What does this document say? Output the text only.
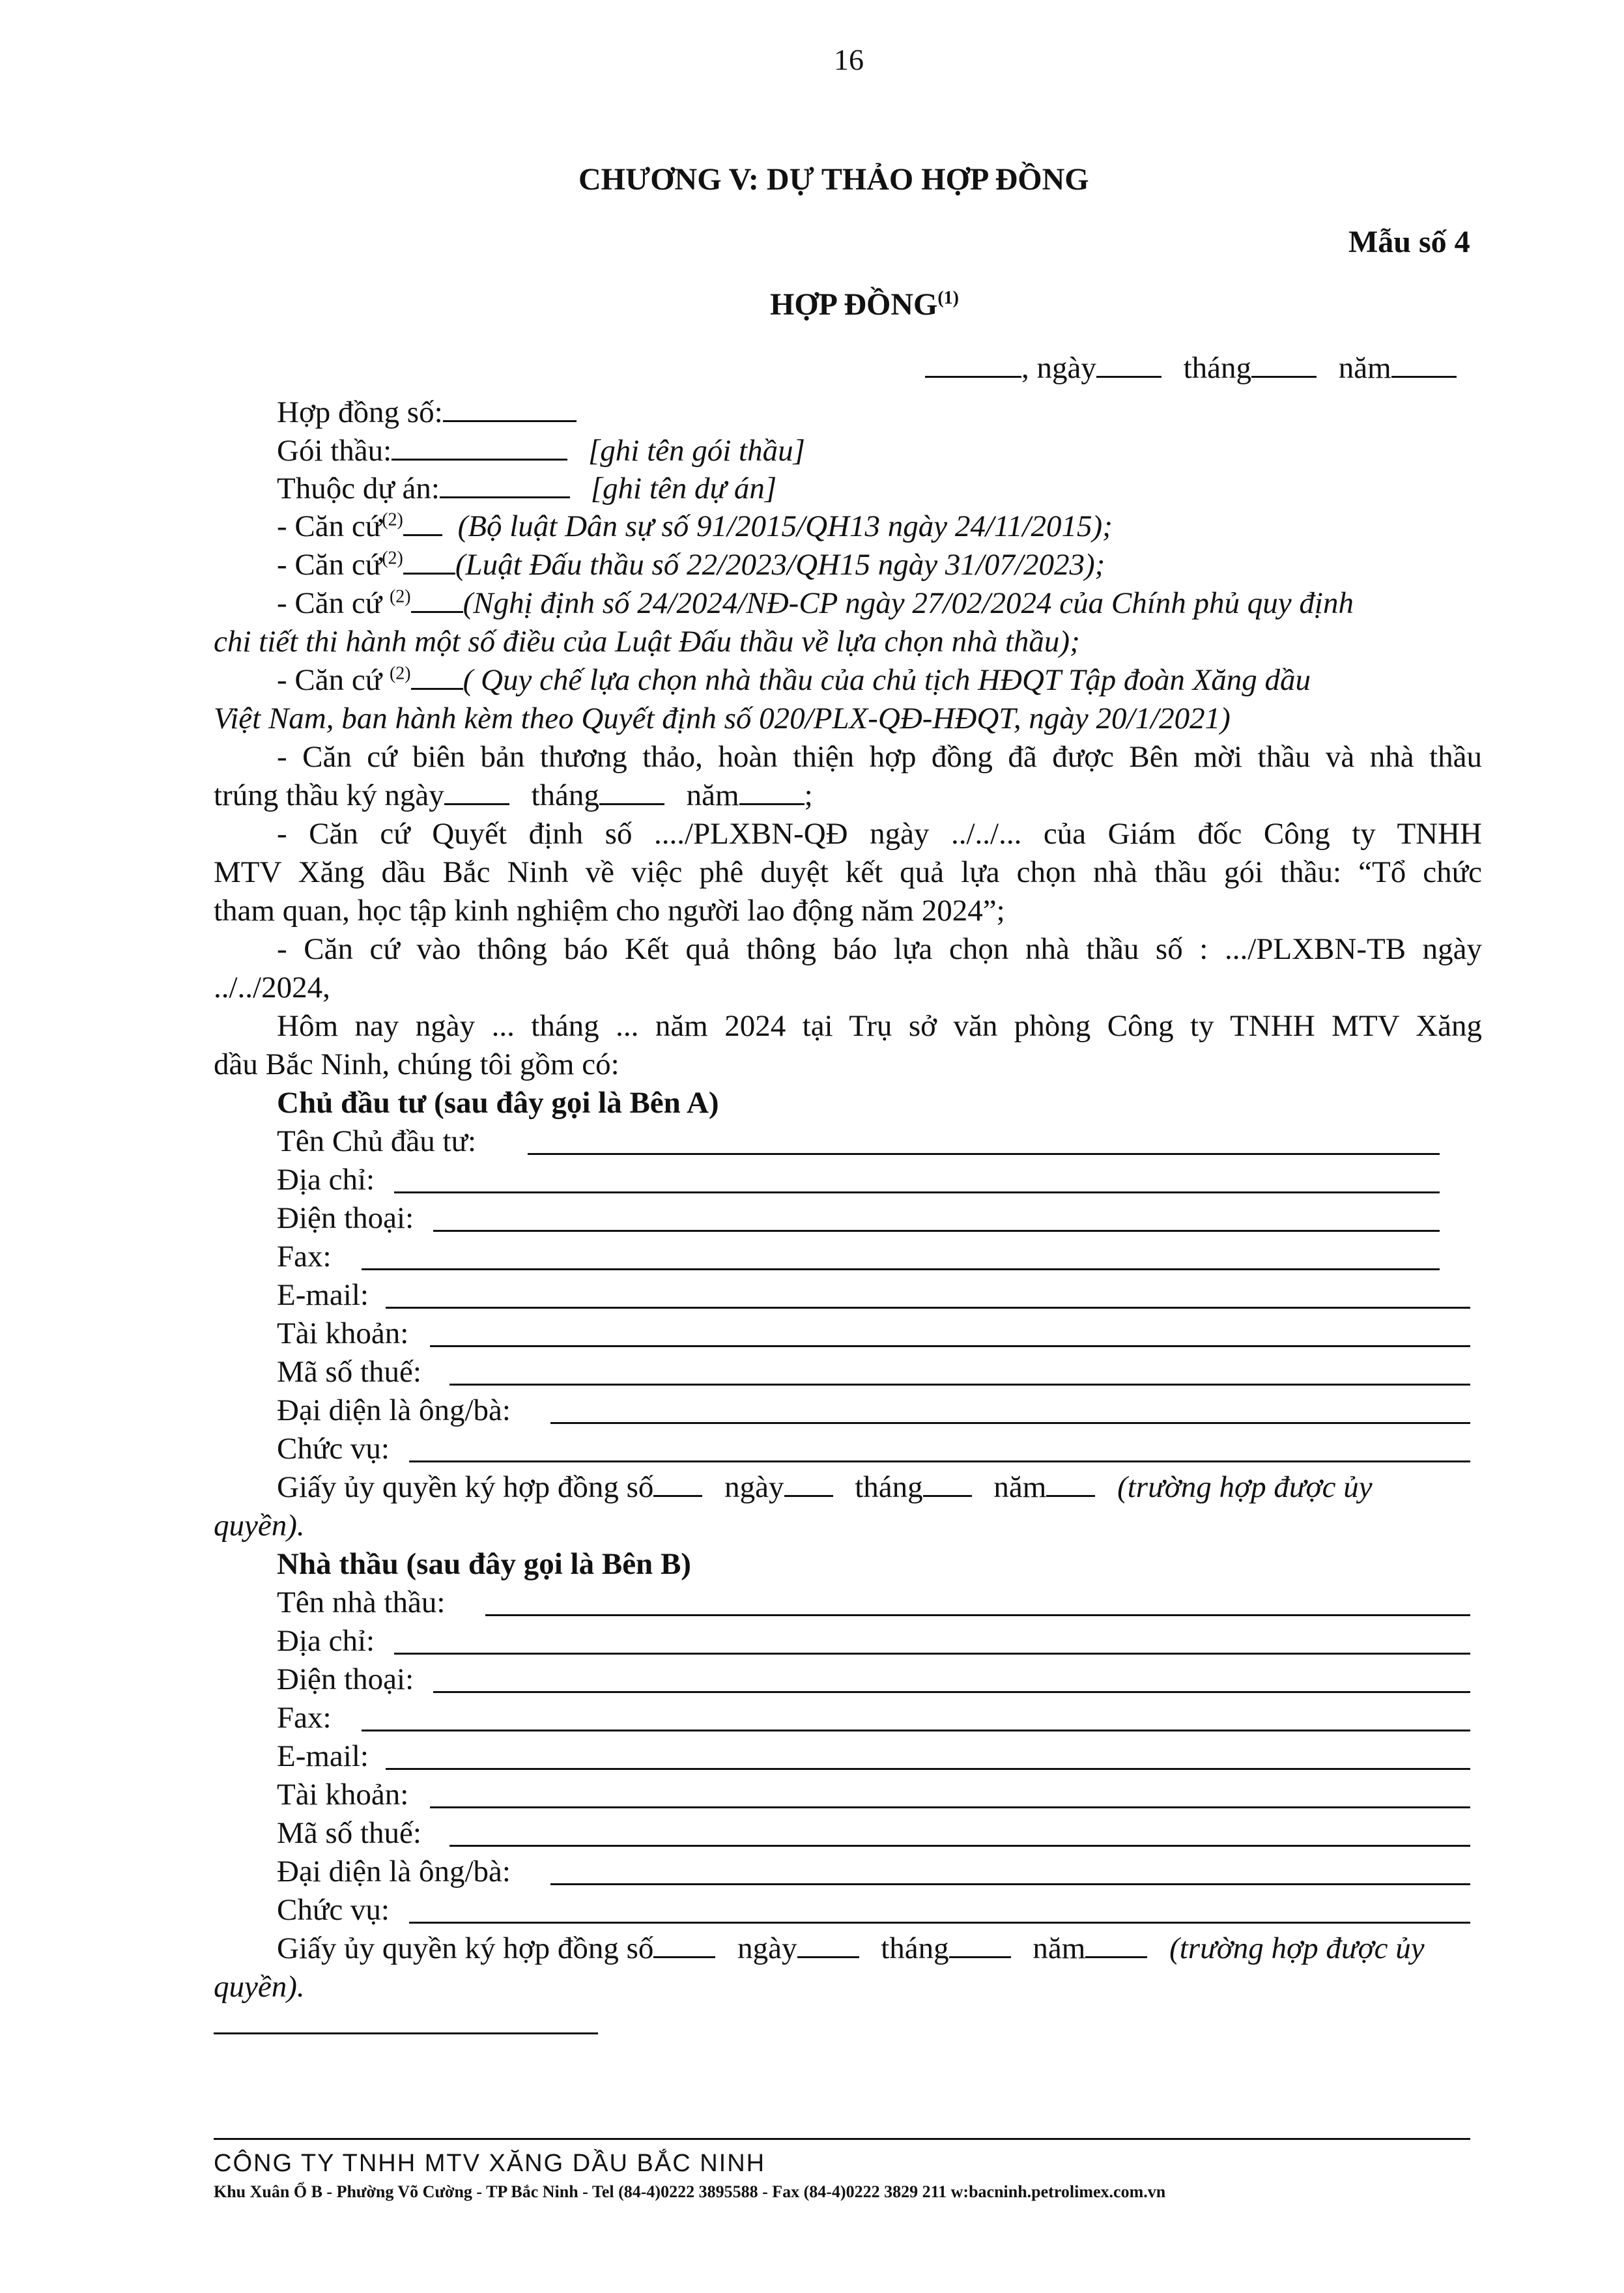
16
CHƯƠNG V: DỰ THẢO HỢP ĐỒNG
Mẫu số 4
HỢP ĐỒNG$^{(1)}$
, ngày	tháng	năm
Hợp đồng số:
Gói thầu:	[ghi tên gói thầu]
Thuộc dự án:	[ghi tên dự án]
- Căn cứ$^{(2)}$ (Bộ luật Dân sự số 91/2015/QH13 ngày 24/11/2015);
- Căn cứ$^{(2)}$ (Luật Đấu thầu số 22/2023/QH15 ngày 31/07/2023);
- Căn cứ $^{(2)}$ (Nghị định số 24/2024/NĐ-CP ngày 27/02/2024 của Chính phủ quy định
chi tiết thi hành một số điều của Luật Đấu thầu về lựa chọn nhà thầu);
- Căn cứ $^{(2)}$ ( Quy chế lựa chọn nhà thầu của chủ tịch HĐQT Tập đoàn Xăng dầu
Việt Nam, ban hành kèm theo Quyết định số 020/PLX-QĐ-HĐQT, ngày 20/1/2021)
- Căn cứ biên bản thương thảo, hoàn thiện hợp đồng đã được Bên mời thầu và nhà thầu
trúng thầu ký ngày	tháng	năm ;
- Căn cứ Quyết định số ..../PLXBN-QĐ ngày ../../... của Giám đốc Công ty TNHH
MTV Xăng dầu Bắc Ninh về việc phê duyệt kết quả lựa chọn nhà thầu gói thầu: “Tổ chức
tham quan, học tập kinh nghiệm cho người lao động năm 2024”;
- Căn cứ vào thông báo Kết quả thông báo lựa chọn nhà thầu số : .../PLXBN-TB ngày
../../2024,
Hôm nay ngày ... tháng ... năm 2024 tại Trụ sở văn phòng Công ty TNHH MTV Xăng
dầu Bắc Ninh, chúng tôi gồm có:
Chủ đầu tư (sau đây gọi là Bên A)
Tên Chủ đầu tư:
Địa chỉ:
Điện thoại:
Fax:
E-mail:
Tài khoản:
Mã số thuế:
Đại diện là ông/bà:
Chức vụ:
Giấy ủy quyền ký hợp đồng số ngày tháng năm (trường hợp được ủy
quyền).
Nhà thầu (sau đây gọi là Bên B)
Tên nhà thầu:
Địa chỉ:
Điện thoại:
Fax:
E-mail:
Tài khoản:
Mã số thuế:
Đại diện là ông/bà:
Chức vụ:
Giấy ủy quyền ký hợp đồng số	ngày	tháng	năm	(trường hợp được ủy
quyền).
CÔNG TY TNHH MTV XĂNG DẦU BẮC NINH
Khu Xuân Ổ B - Phường Võ Cường - TP Bắc Ninh - Tel (84-4)0222 3895588 - Fax (84-4)0222 3829 211 w:bacninh.petrolimex.com.vn
